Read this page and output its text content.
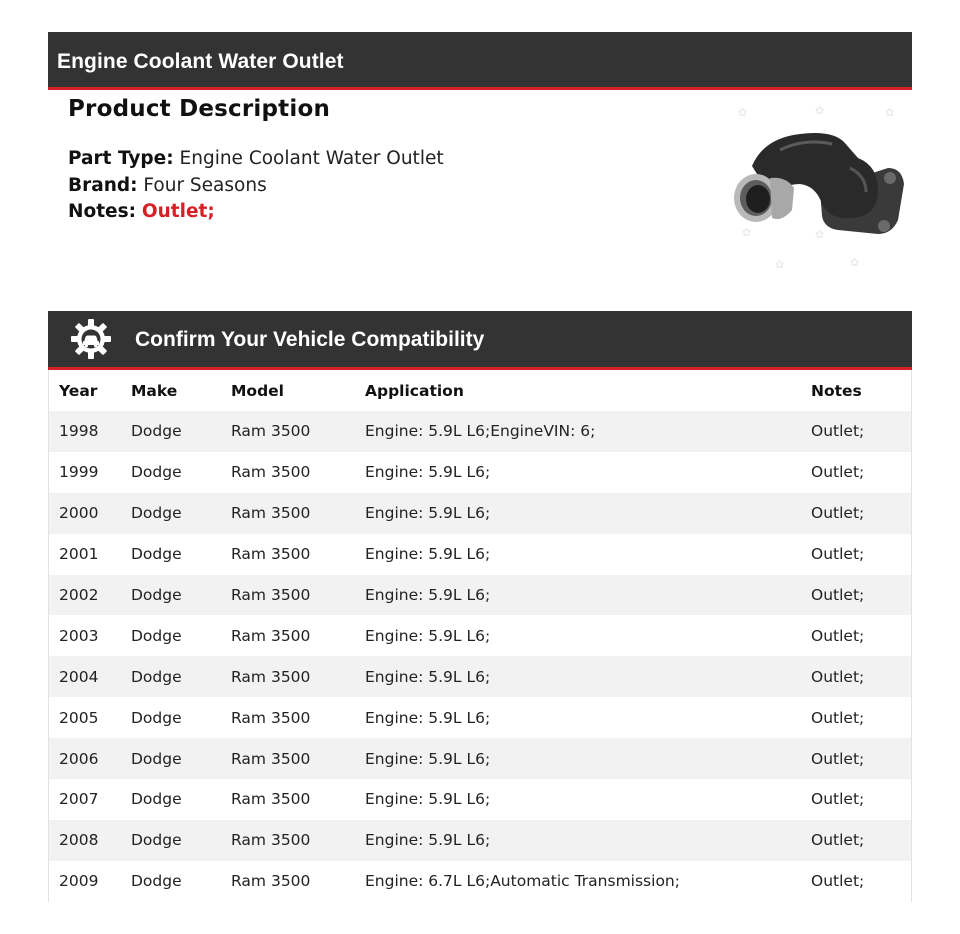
Engine Coolant Water Outlet
Product Description
Part Type: Engine Coolant Water Outlet
Brand: Four Seasons
Notes: Outlet;
✿	✿	✿
✿	✿
✿	✿
Confirm Your Vehicle Compatibility
Year	Make	Model	Application	Notes
1998	Dodge	Ram 3500	Engine: 5.9L L6;EngineVIN: 6;	Outlet;
1999	Dodge	Ram 3500	Engine: 5.9L L6;	Outlet;
2000	Dodge	Ram 3500	Engine: 5.9L L6;	Outlet;
2001	Dodge	Ram 3500	Engine: 5.9L L6;	Outlet;
2002	Dodge	Ram 3500	Engine: 5.9L L6;	Outlet;
2003	Dodge	Ram 3500	Engine: 5.9L L6;	Outlet;
2004	Dodge	Ram 3500	Engine: 5.9L L6;	Outlet;
2005	Dodge	Ram 3500	Engine: 5.9L L6;	Outlet;
2006	Dodge	Ram 3500	Engine: 5.9L L6;	Outlet;
2007	Dodge	Ram 3500	Engine: 5.9L L6;	Outlet;
2008	Dodge	Ram 3500	Engine: 5.9L L6;	Outlet;
2009	Dodge	Ram 3500	Engine: 6.7L L6;Automatic Transmission;	Outlet;
